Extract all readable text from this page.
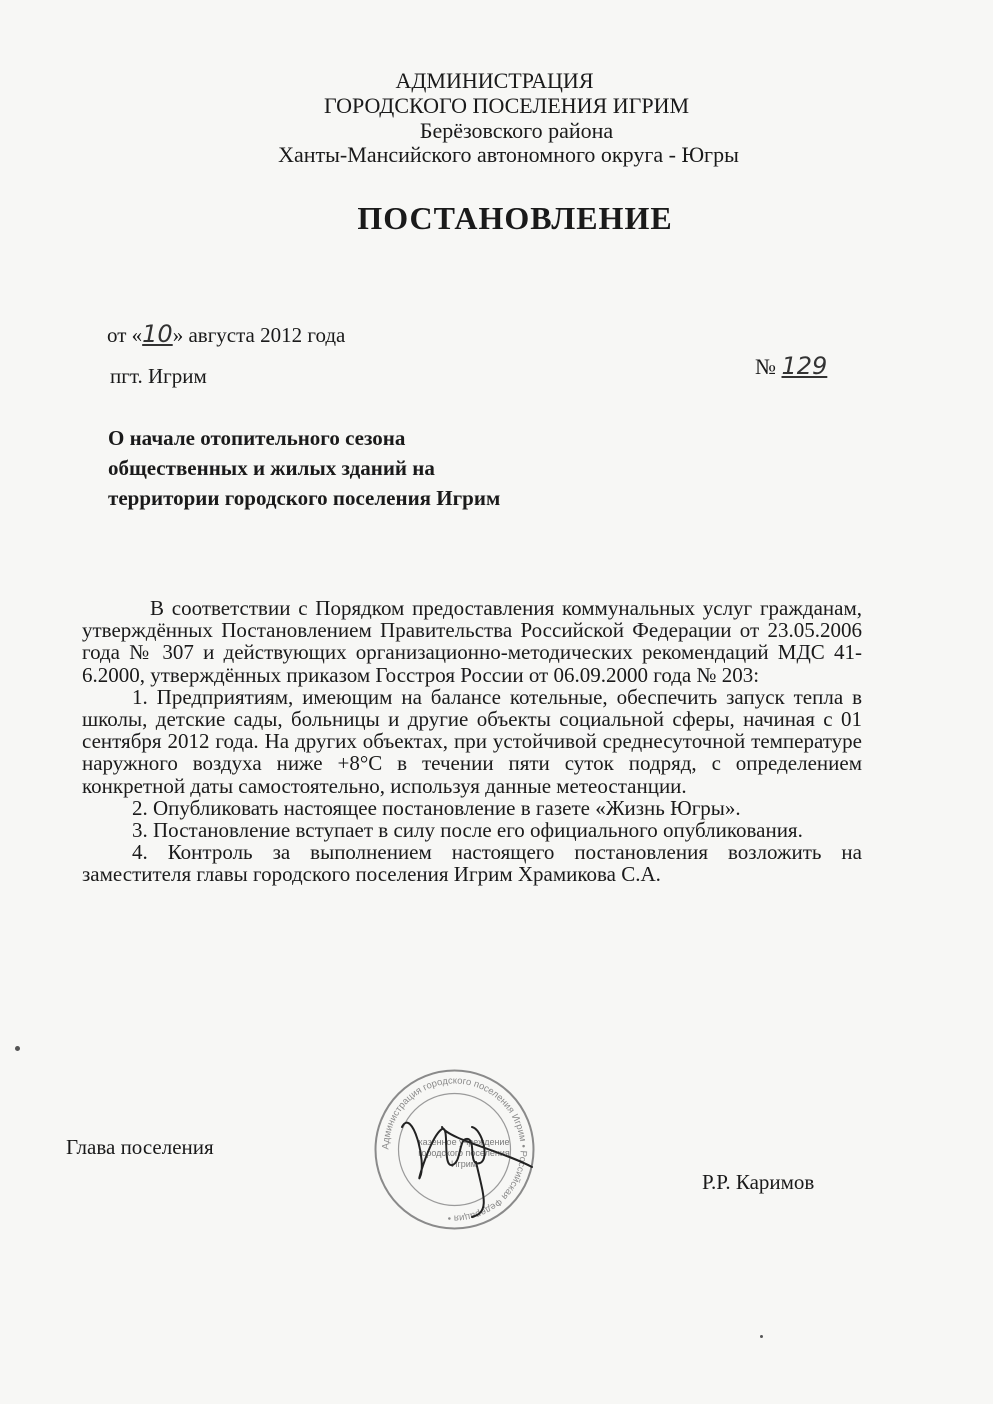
АДМИНИСТРАЦИЯ
ГОРОДСКОГО ПОСЕЛЕНИЯ ИГРИМ
Берёзовского района
Ханты-Мансийского автономного округа - Югры
ПОСТАНОВЛЕНИЕ
от «10» августа 2012 года
№ 129
пгт. Игрим
О начале отопительного сезона
общественных и жилых зданий на
территории городского поселения Игрим

В соответствии с Порядком предоставления коммунальных услуг гражданам, утверждённых Постановлением Правительства Российской Федерации от 23.05.2006 года № 307 и действующих организационно-методических рекомендаций МДС 41-6.2000, утверждённых приказом Госстроя России от 06.09.2000 года № 203:

1. Предприятиям, имеющим на балансе котельные, обеспечить запуск тепла в школы, детские сады, больницы и другие объекты социальной сферы, начиная с 01 сентября 2012 года. На других объектах, при устойчивой среднесуточной температуре наружного воздуха ниже +8°С в течении пяти суток подряд, с определением конкретной даты самостоятельно, используя данные метеостанции.

2. Опубликовать настоящее постановление в газете «Жизнь Югры».

3. Постановление вступает в силу после его официального опубликования.

4. Контроль за выполнением настоящего постановления возложить на заместителя главы городского поселения Игрим Храмикова С.А.

Глава поселения	Администрация городского поселения Игрим • Российская Федерация •
казенное учреждение
городского поселения
Игрим
Р.Р. Каримов
